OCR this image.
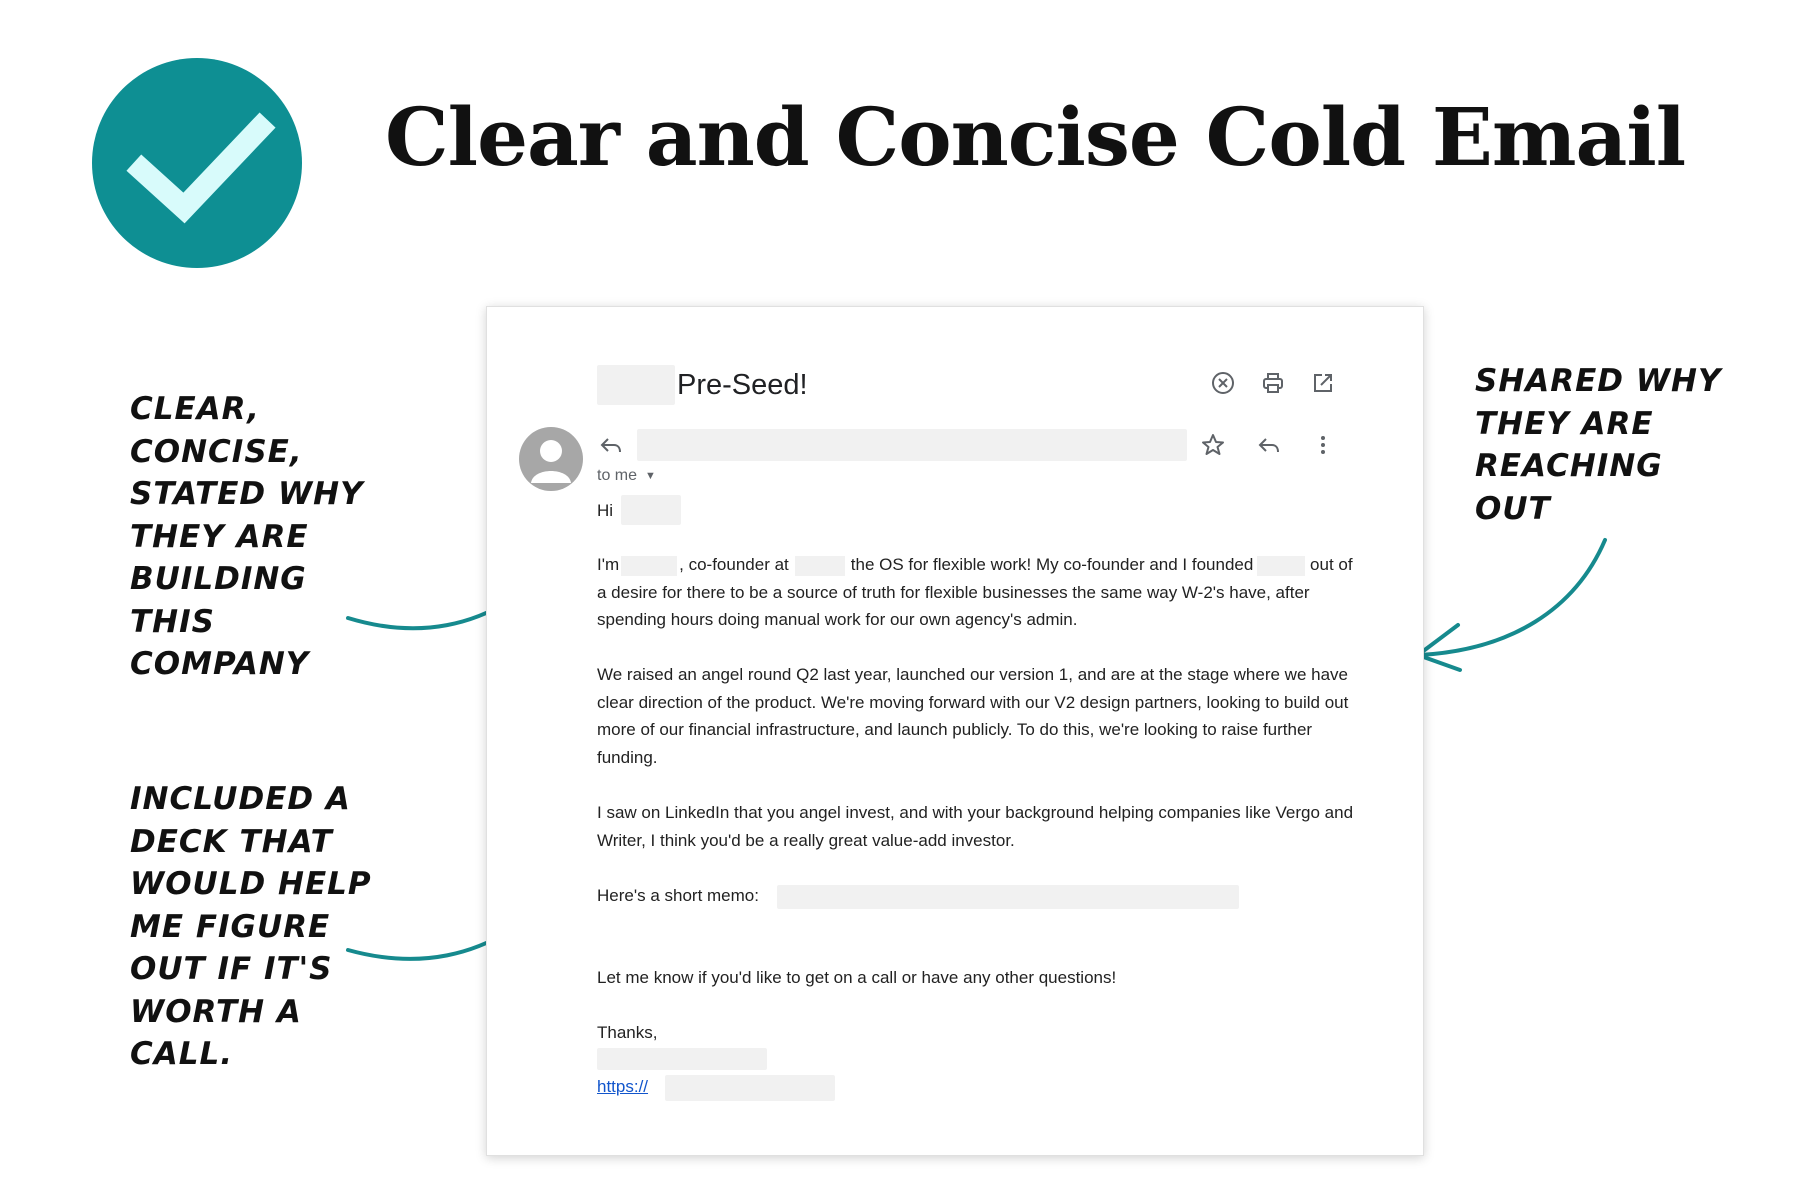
Clear and Concise Cold Email
CLEAR,
CONCISE,
STATED WHY
THEY ARE
BUILDING
THIS
COMPANY
INCLUDED A
DECK THAT
WOULD HELP
ME FIGURE
OUT IF IT'S
WORTH A
CALL.
SHARED WHY
THEY ARE
REACHING
OUT
Pre-Seed!
to me ▼
Hi

I'm	, co-founder at	the OS for flexible work! My co-founder and I founded	out of a desire for there to be a source of truth for flexible businesses the same way W-2's have, after spending hours doing manual work for our own agency's admin.

We raised an angel round Q2 last year, launched our version 1, and are at the stage where we have clear direction of the product. We're moving forward with our V2 design partners, looking to build out more of our financial infrastructure, and launch publicly. To do this, we're looking to raise further funding.

I saw on LinkedIn that you angel invest, and with your background helping companies like Vergo and Writer, I think you'd be a really great value-add investor.

Here's a short memo:
Let me know if you'd like to get on a call or have any other questions!
Thanks,
https://
